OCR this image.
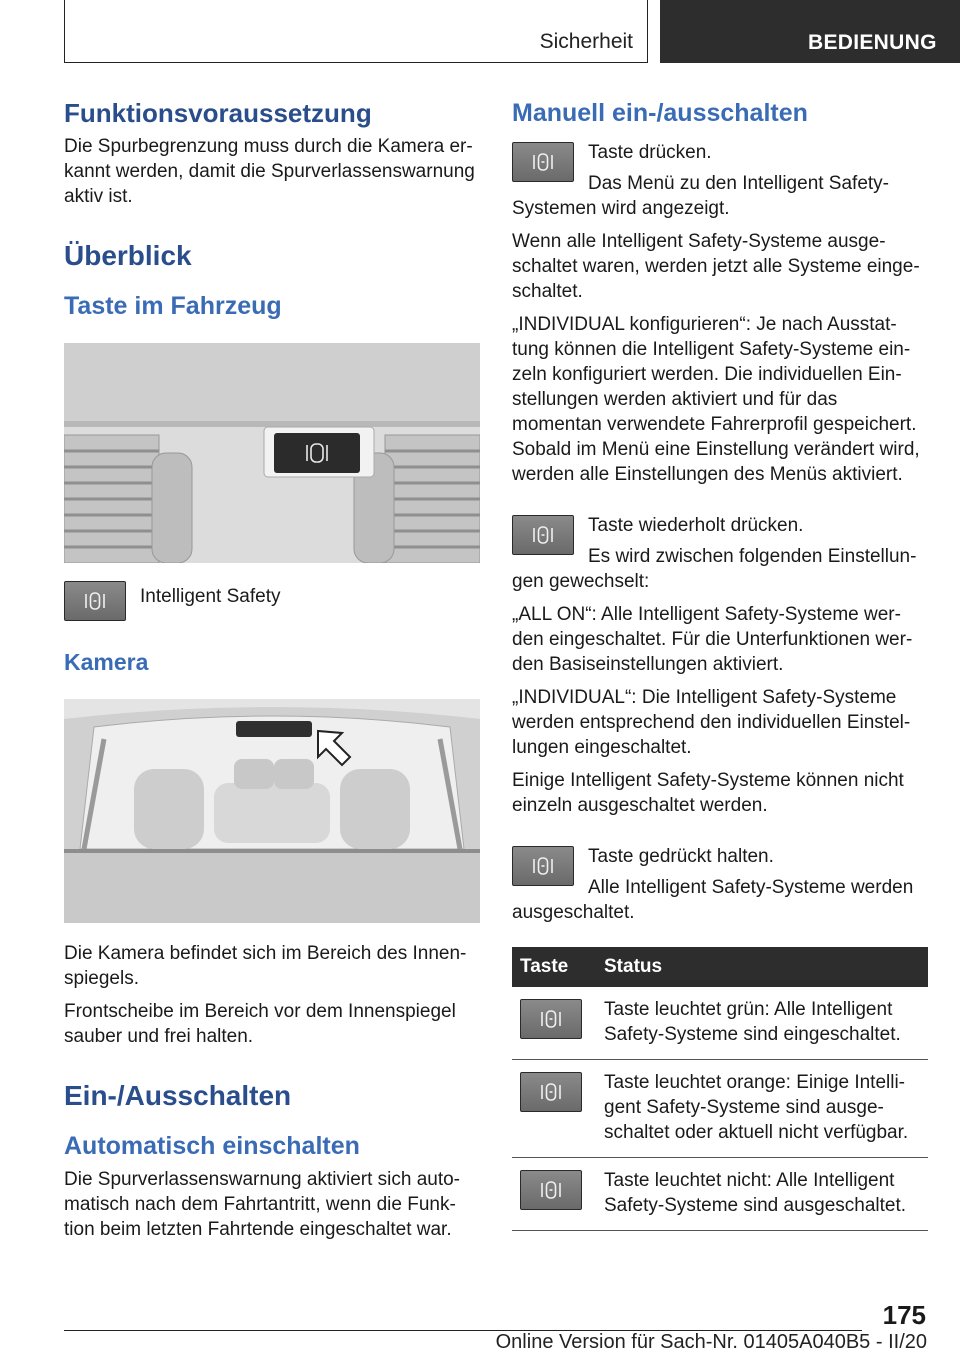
Sicherheit	BEDIENUNG
Funktionsvoraussetzung

Die Spurbegrenzung muss durch die Kamera er-kannt werden, damit die Spurverlassenswarnung aktiv ist.

Überblick
Taste im Fahrzeug

Intelligent Safety

Kamera

Die Kamera befindet sich im Bereich des Innen-spiegels.

Frontscheibe im Bereich vor dem Innenspiegel sauber und frei halten.

Ein-/Ausschalten
Automatisch einschalten

Die Spurverlassenswarnung aktiviert sich auto-matisch nach dem Fahrtantritt, wenn die Funk-tion beim letzten Fahrtende eingeschaltet war.

Manuell ein-/ausschalten

Taste drücken.

Das Menü zu den Intelligent Safety-Systemen wird angezeigt.

Wenn alle Intelligent Safety-Systeme ausge-schaltet waren, werden jetzt alle Systeme einge-schaltet.

„INDIVIDUAL konfigurieren“: Je nach Ausstat-tung können die Intelligent Safety-Systeme ein-zeln konfiguriert werden. Die individuellen Ein-stellungen werden aktiviert und für das momentan verwendete Fahrerprofil gespeichert. Sobald im Menü eine Einstellung verändert wird, werden alle Einstellungen des Menüs aktiviert.

Taste wiederholt drücken.

Es wird zwischen folgenden Einstellun-gen gewechselt:

„ALL ON“: Alle Intelligent Safety-Systeme wer-den eingeschaltet. Für die Unterfunktionen wer-den Basiseinstellungen aktiviert.

„INDIVIDUAL“: Die Intelligent Safety-Systeme werden entsprechend den individuellen Einstel-lungen eingeschaltet.

Einige Intelligent Safety-Systeme können nicht einzeln ausgeschaltet werden.

Taste gedrückt halten.

Alle Intelligent Safety-Systeme werden ausgeschaltet.

Taste	Status

	Taste leuchtet grün: Alle Intelligent Safety-Systeme sind eingeschaltet.

	Taste leuchtet orange: Einige Intelli-gent Safety-Systeme sind ausge-schaltet oder aktuell nicht verfügbar.

	Taste leuchtet nicht: Alle Intelligent Safety-Systeme sind ausgeschaltet.
175
Online Version für Sach-Nr. 01405A040B5 - II/20
